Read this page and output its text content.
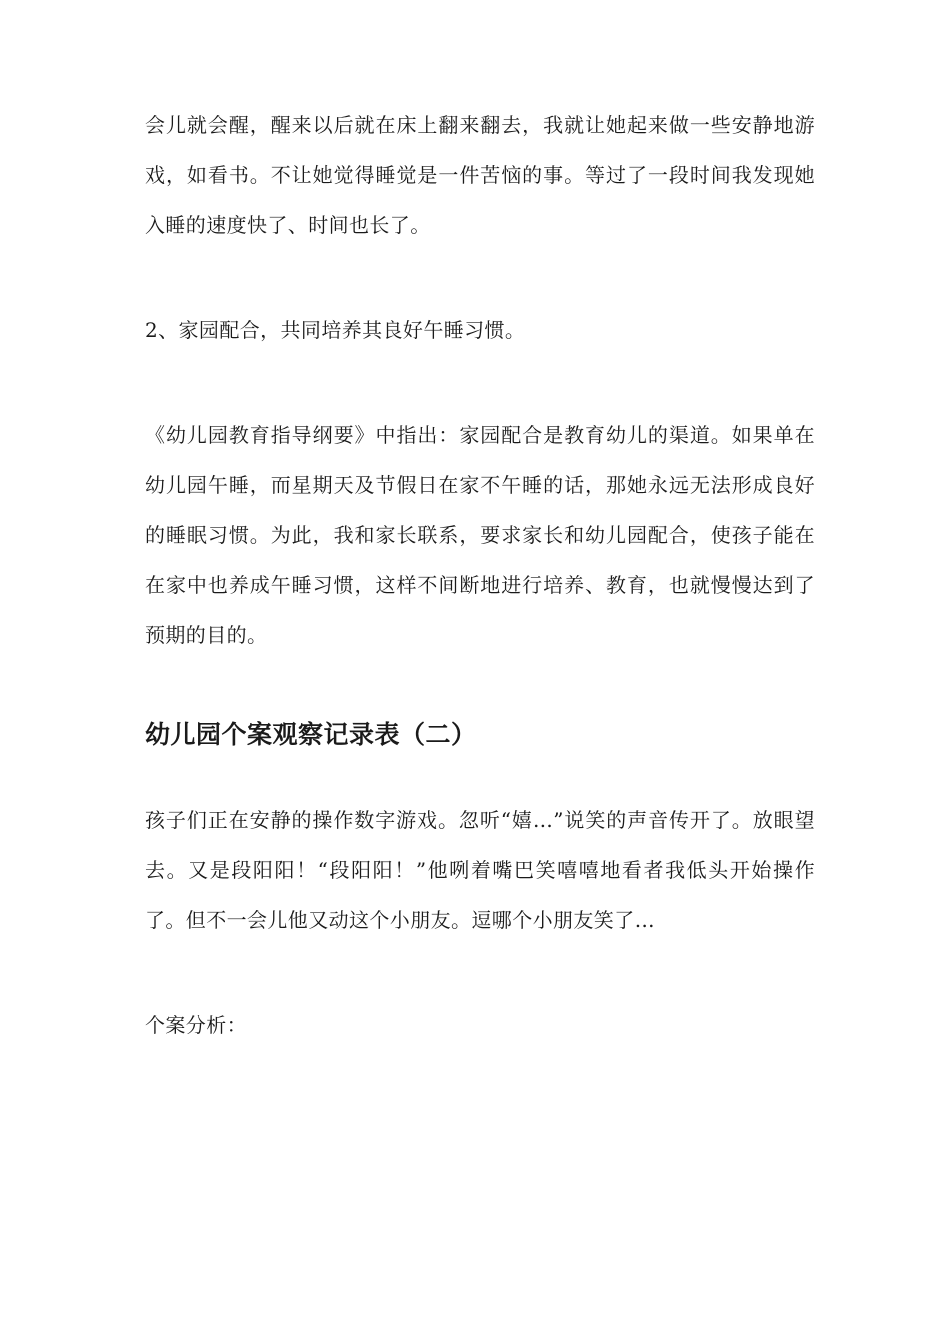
会儿就会醒，醒来以后就在床上翻来翻去，我就让她起来做一些安静地游戏，如看书。不让她觉得睡觉是一件苦恼的事。等过了一段时间我发现她入睡的速度快了、时间也长了。

2、家园配合，共同培养其良好午睡习惯。

《幼儿园教育指导纲要》中指出：家园配合是教育幼儿的渠道。如果单在幼儿园午睡，而星期天及节假日在家不午睡的话，那她永远无法形成良好的睡眠习惯。为此，我和家长联系，要求家长和幼儿园配合，使孩子能在在家中也养成午睡习惯，这样不间断地进行培养、教育，也就慢慢达到了预期的目的。

幼儿园个案观察记录表（二）

孩子们正在安静的操作数字游戏。忽听“嬉…”说笑的声音传开了。放眼望去。又是段阳阳！“段阳阳！”他咧着嘴巴笑嘻嘻地看者我低头开始操作了。但不一会儿他又动这个小朋友。逗哪个小朋友笑了…

个案分析：
